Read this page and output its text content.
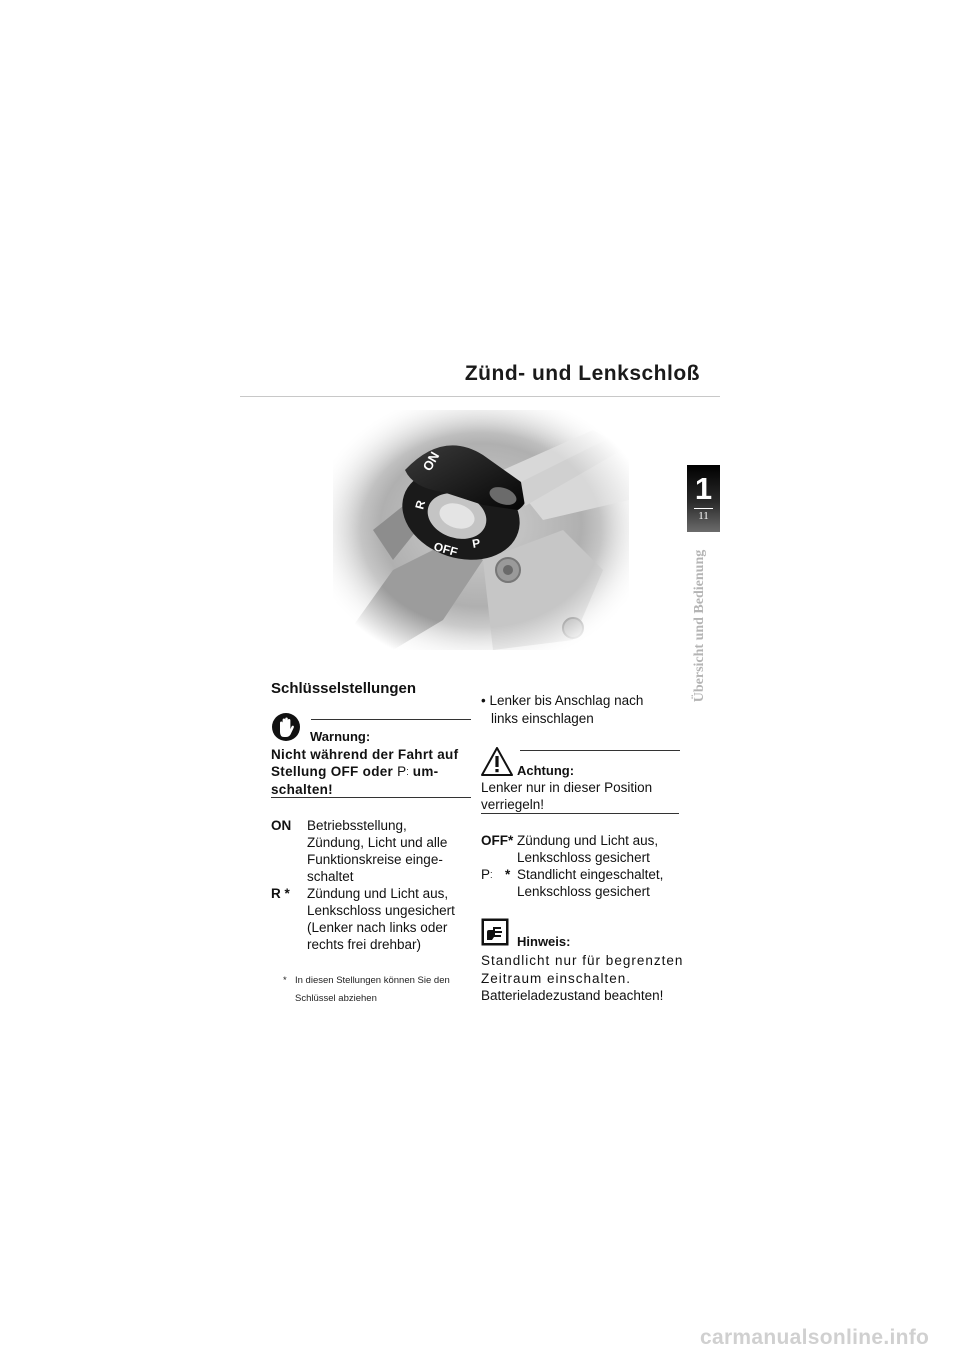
Zünd- und Lenkschloß
1
11
Übersicht und Bedienung
Schlüsselstellungen
Warnung:
Nicht während der Fahrt auf
Stellung OFF oder P⁚ um-
schalten!
ON Betriebsstellung,
Zündung, Licht und alle
Funktionskreise einge-
schaltet
R * Zündung und Licht aus,
Lenkschloss ungesichert
(Lenker nach links oder
rechts frei drehbar)
* In diesen Stellungen können Sie den
Schlüssel abziehen
• Lenker bis Anschlag nach
links einschlagen
Achtung:
Lenker nur in dieser Position
verriegeln!
OFF* Zündung und Licht aus,
Lenkschloss gesichert
P⁚ * Standlicht eingeschaltet,
Lenkschloss gesichert
Hinweis:
Standlicht nur für begrenzten
Zeitraum einschalten.
Batterieladezustand beachten!
carmanualsonline.info
